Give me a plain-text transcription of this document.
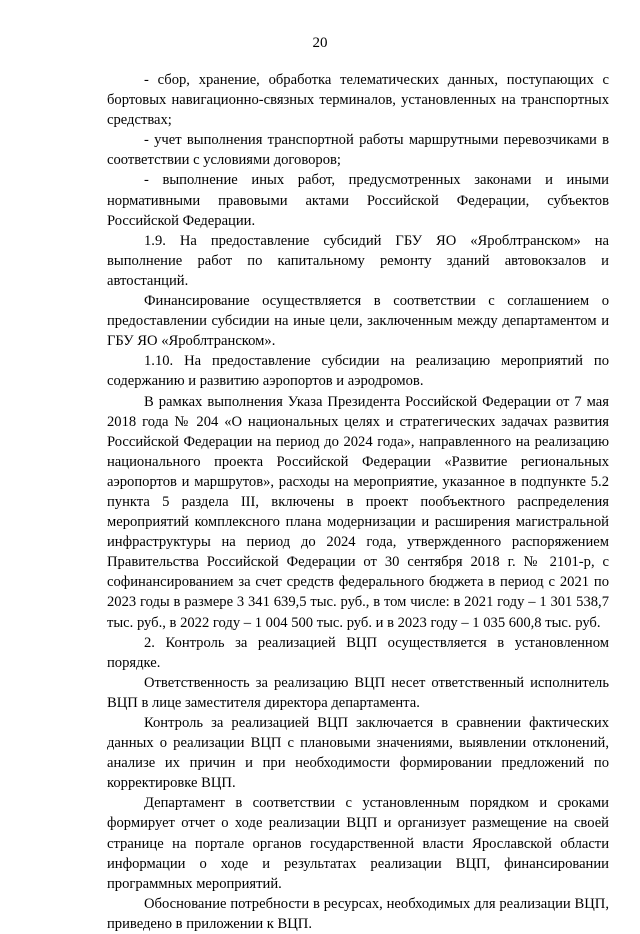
20

- сбор, хранение, обработка телематических данных, поступающих с бортовых навигационно-связных терминалов, установленных на транспортных средствах;

- учет выполнения транспортной работы маршрутными перевозчиками в соответствии с условиями договоров;

- выполнение иных работ, предусмотренных законами и иными нормативными правовыми актами Российской Федерации, субъектов Российской Федерации.

1.9. На предоставление субсидий ГБУ ЯО «Яроблтранском» на выполнение работ по капитальному ремонту зданий автовокзалов и автостанций.

Финансирование осуществляется в соответствии с соглашением о предоставлении субсидии на иные цели, заключенным между департаментом и ГБУ ЯО «Яроблтранском».

1.10. На предоставление субсидии на реализацию мероприятий по содержанию и развитию аэропортов и аэродромов.

В рамках выполнения Указа Президента Российской Федерации от 7 мая 2018 года № 204 «О национальных целях и стратегических задачах развития Российской Федерации на период до 2024 года», направленного на реализацию национального проекта Российской Федерации «Развитие региональных аэропортов и маршрутов», расходы на мероприятие, указанное в подпункте 5.2 пункта 5 раздела III, включены в проект пообъектного распределения мероприятий комплексного плана модернизации и расширения магистральной инфраструктуры на период до 2024 года, утвержденного распоряжением Правительства Российской Федерации от 30 сентября 2018 г. № 2101-р, с софинансированием за счет средств федерального бюджета в период с 2021 по 2023 годы в размере 3 341 639,5 тыс. руб., в том числе: в 2021 году – 1 301 538,7 тыс. руб., в 2022 году – 1 004 500 тыс. руб. и в 2023 году – 1 035 600,8 тыс. руб.

2. Контроль за реализацией ВЦП осуществляется в установленном порядке.

Ответственность за реализацию ВЦП несет ответственный исполнитель ВЦП в лице заместителя директора департамента.

Контроль за реализацией ВЦП заключается в сравнении фактических данных о реализации ВЦП с плановыми значениями, выявлении отклонений, анализе их причин и при необходимости формировании предложений по корректировке ВЦП.

Департамент в соответствии с установленным порядком и сроками формирует отчет о ходе реализации ВЦП и организует размещение на своей странице на портале органов государственной власти Ярославской области информации о ходе и результатах реализации ВЦП, финансировании программных мероприятий.

Обоснование потребности в ресурсах, необходимых для реализации ВЦП, приведено в приложении к ВЦП.
